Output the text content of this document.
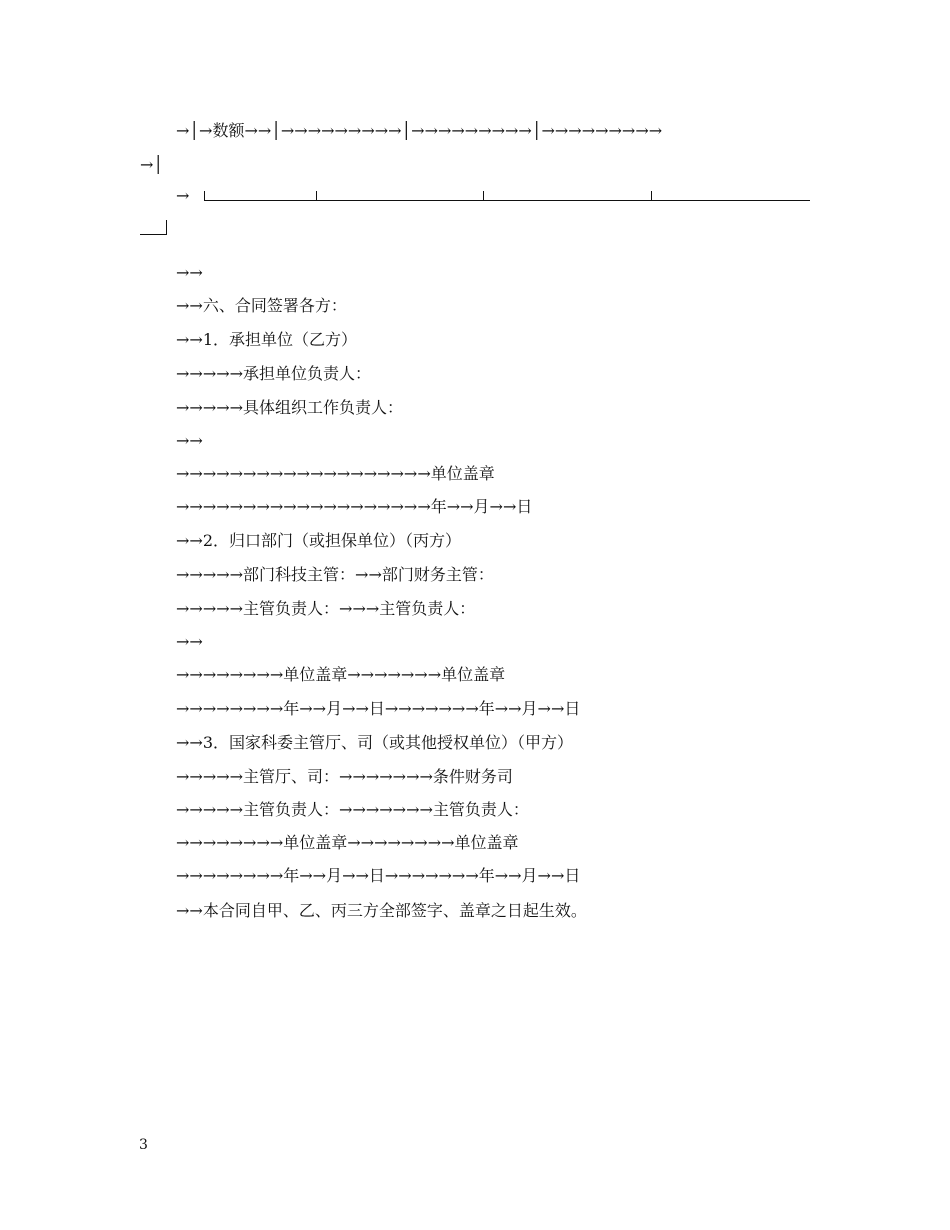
→│→数额→→│→→→→→→→→→│→→→→→→→→→│→→→→→→→→→
→│
→
→→
→→六、合同签署各方：
→→1．承担单位（乙方）
→→→→→承担单位负责人：
→→→→→具体组织工作负责人：
→→
→→→→→→→→→→→→→→→→→→→单位盖章
→→→→→→→→→→→→→→→→→→→年→→月→→日
→→2．归口部门（或担保单位）（丙方）
→→→→→部门科技主管：→→部门财务主管：
→→→→→主管负责人：→→→主管负责人：
→→
→→→→→→→→单位盖章→→→→→→→单位盖章
→→→→→→→→年→→月→→日→→→→→→→年→→月→→日
→→3．国家科委主管厅、司（或其他授权单位）（甲方）
→→→→→主管厅、司：→→→→→→→条件财务司
→→→→→主管负责人：→→→→→→→主管负责人：
→→→→→→→→单位盖章→→→→→→→→单位盖章
→→→→→→→→年→→月→→日→→→→→→→年→→月→→日
→→本合同自甲、乙、丙三方全部签字、盖章之日起生效。
3
